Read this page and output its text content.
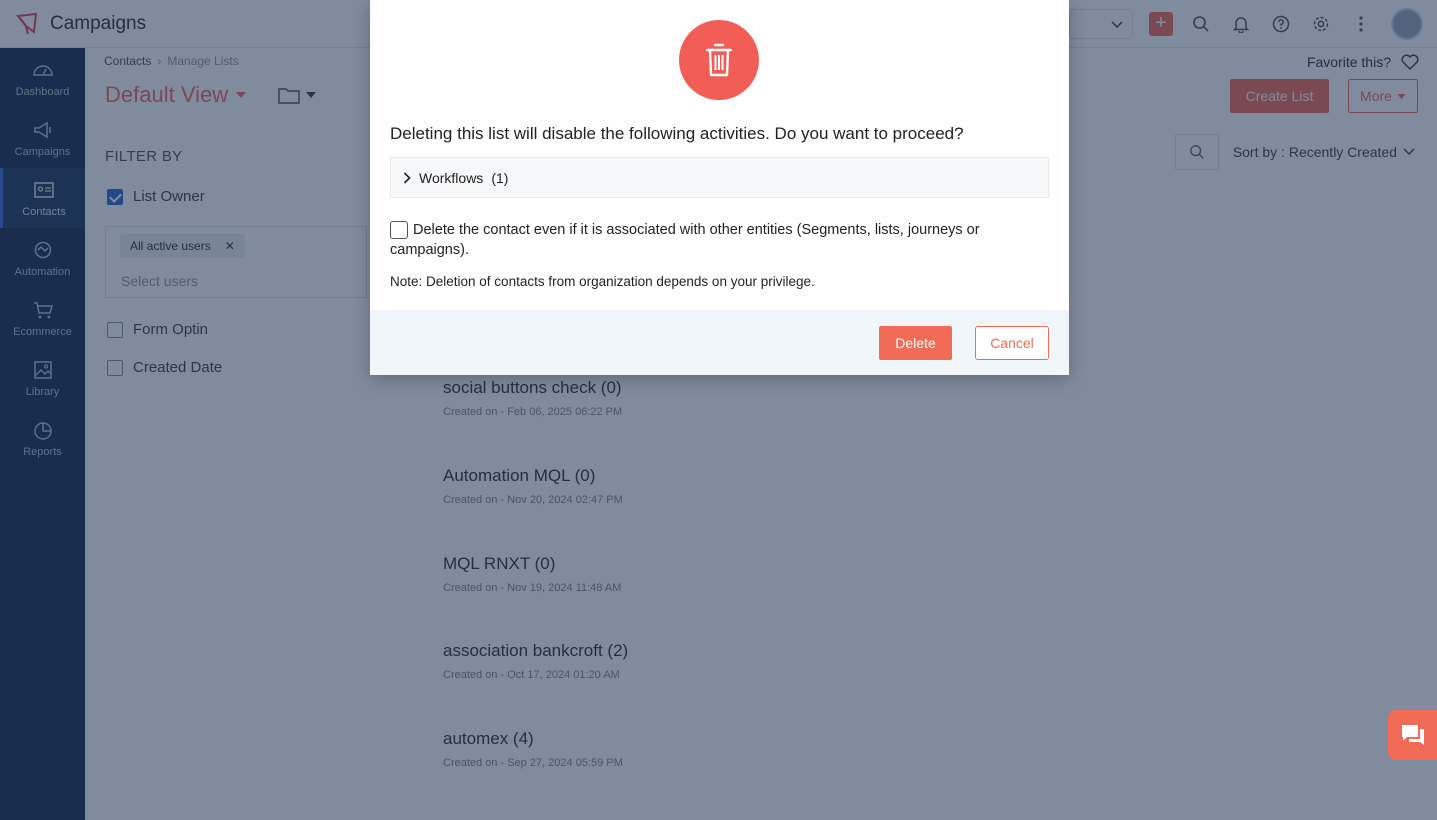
Deleting this list will disable the following activities. Do you want to proceed?
Workflows (1)
Delete the contact even if it is associated with other entities (Segments, lists, journeys or campaigns).
Note: Deletion of contacts from organization depends on your privilege.
Delete	Cancel
